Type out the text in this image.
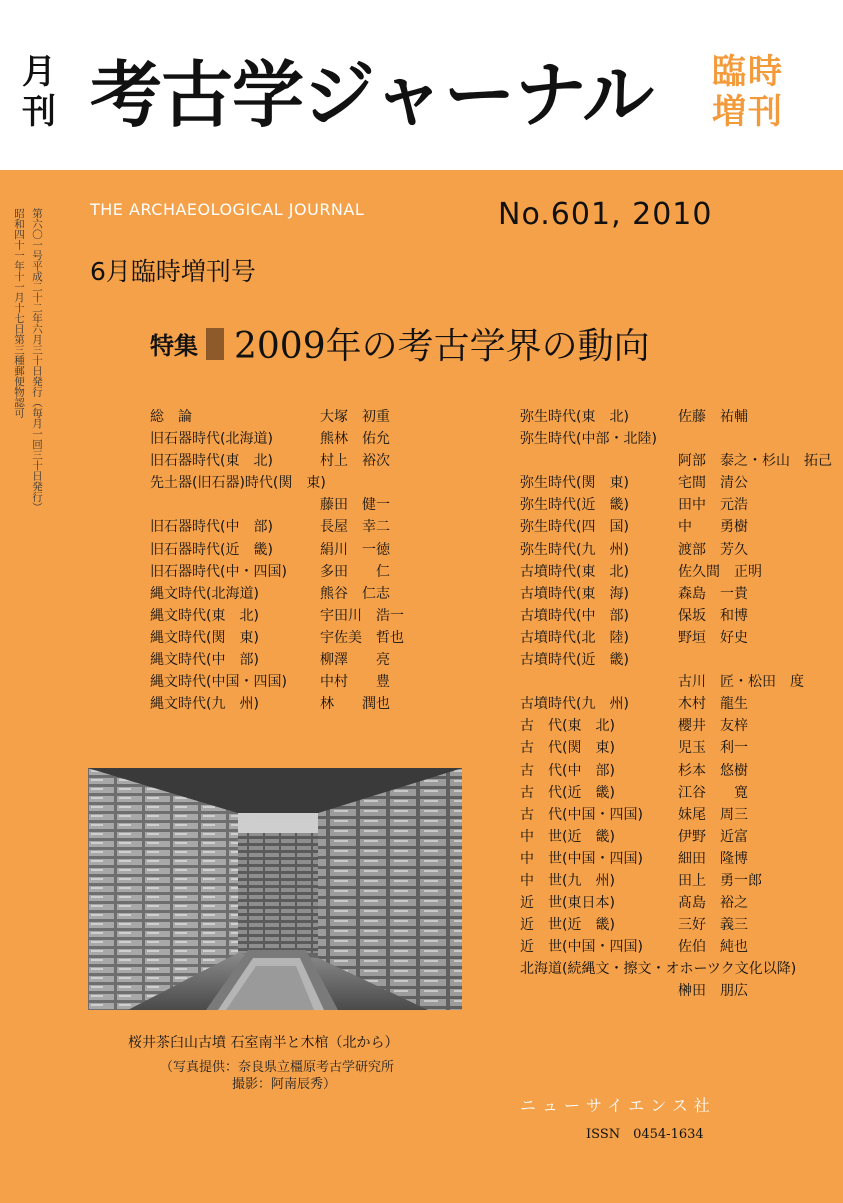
月刊 考古学ジャーナル 臨時増刊
第六〇一号平成二十二年六月三十日発行（毎月一回三十日発行）
昭和四十一年十一月十七日第三種郵便物認可	THE ARCHAEOLOGICAL JOURNAL	No.601, 2010
6月臨時増刊号
特集 2009年の考古学界の動向
総　論	大塚　初重
旧石器時代(北海道)	熊林　佑允
旧石器時代(東　北)	村上　裕次
先土器(旧石器)時代(関　東)
藤田　健一
旧石器時代(中　部)	長屋　幸二
旧石器時代(近　畿)	絹川　一徳
旧石器時代(中・四国) 多田　　仁
縄文時代(北海道)	熊谷　仁志
縄文時代(東　北)	宇田川　浩一
縄文時代(関　東)	宇佐美　哲也
縄文時代(中　部)	柳澤　　亮
縄文時代(中国・四国) 中村　　豊
縄文時代(九　州)	林　　潤也
弥生時代(東　北)	佐藤　祐輔
弥生時代(中部・北陸)
阿部　泰之・杉山　拓己
弥生時代(関　東)	宅間　清公
弥生時代(近　畿)	田中　元浩
弥生時代(四　国)	中　　勇樹
弥生時代(九　州)	渡部　芳久
古墳時代(東　北)	佐久間　正明
古墳時代(東　海)	森島　一貴
古墳時代(中　部)	保坂　和博
古墳時代(北　陸)	野垣　好史
古墳時代(近　畿)
古川　匠・松田　度
古墳時代(九　州)	木村　龍生
古　代(東　北)	櫻井　友梓
古　代(関　東)	児玉　利一
古　代(中　部)	杉本　悠樹
古　代(近　畿)	江谷　　寛
古　代(中国・四国)	妹尾　周三
中　世(近　畿)	伊野　近富
中　世(中国・四国)	細田　隆博
中　世(九　州)	田上　勇一郎
近　世(東日本)	髙島　裕之
近　世(近　畿)	三好　義三
近　世(中国・四国)	佐伯　純也
北海道(続縄文・擦文・オホーツク文化以降)
榊田　朋広
桜井茶臼山古墳 石室南半と木棺（北から）
（写真提供：奈良県立橿原考古学研究所
撮影：阿南辰秀）
ニューサイエンス社
ISSN　0454-1634
